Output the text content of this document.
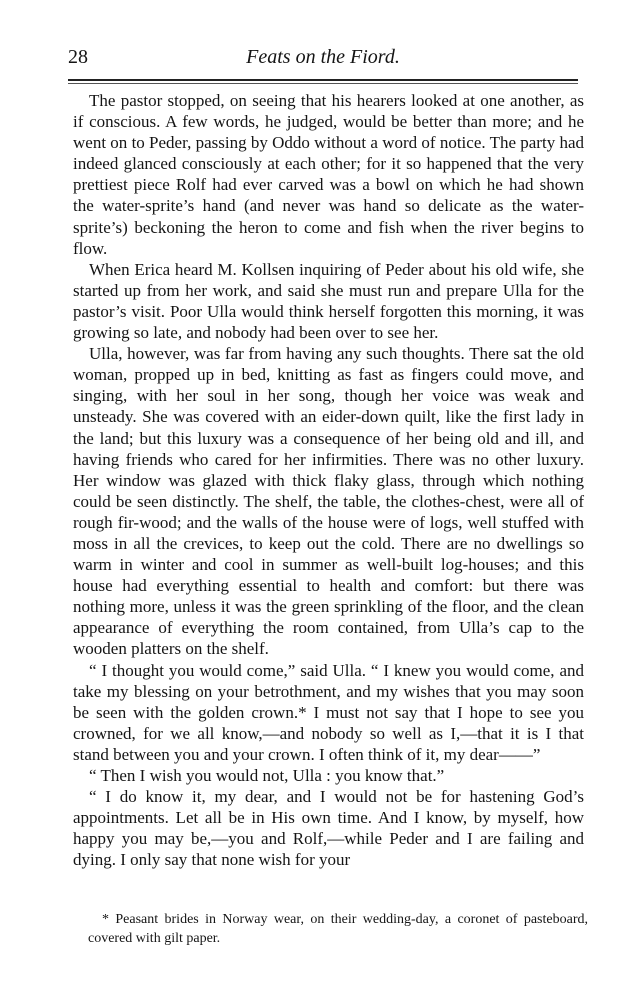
28	Feats on the Fiord.

The pastor stopped, on seeing that his hearers looked at one another, as if conscious. A few words, he judged, would be better than more; and he went on to Peder, passing by Oddo without a word of notice. The party had indeed glanced consciously at each other; for it so happened that the very prettiest piece Rolf had ever carved was a bowl on which he had shown the water-sprite’s hand (and never was hand so delicate as the water-sprite’s) beckoning the heron to come and fish when the river begins to flow.

When Erica heard M. Kollsen inquiring of Peder about his old wife, she started up from her work, and said she must run and prepare Ulla for the pastor’s visit. Poor Ulla would think herself forgotten this morning, it was growing so late, and nobody had been over to see her.

Ulla, however, was far from having any such thoughts. There sat the old woman, propped up in bed, knitting as fast as fingers could move, and singing, with her soul in her song, though her voice was weak and unsteady. She was covered with an eider-down quilt, like the first lady in the land; but this luxury was a consequence of her being old and ill, and having friends who cared for her infirmities. There was no other luxury. Her window was glazed with thick flaky glass, through which nothing could be seen distinctly. The shelf, the table, the clothes-chest, were all of rough fir-wood; and the walls of the house were of logs, well stuffed with moss in all the crevices, to keep out the cold. There are no dwellings so warm in winter and cool in summer as well-built log-houses; and this house had everything essential to health and comfort: but there was nothing more, unless it was the green sprinkling of the floor, and the clean appearance of everything the room contained, from Ulla’s cap to the wooden platters on the shelf.

“ I thought you would come,” said Ulla. “ I knew you would come, and take my blessing on your betrothment, and my wishes that you may soon be seen with the golden crown.* I must not say that I hope to see you crowned, for we all know,—and nobody so well as I,—that it is I that stand between you and your crown. I often think of it, my dear——”

“ Then I wish you would not, Ulla : you know that.”

“ I do know it, my dear, and I would not be for hastening God’s appointments. Let all be in His own time. And I know, by myself, how happy you may be,—you and Rolf,—while Peder and I are failing and dying. I only say that none wish for your

* Peasant brides in Norway wear, on their wedding-day, a coronet of pasteboard, covered with gilt paper.
